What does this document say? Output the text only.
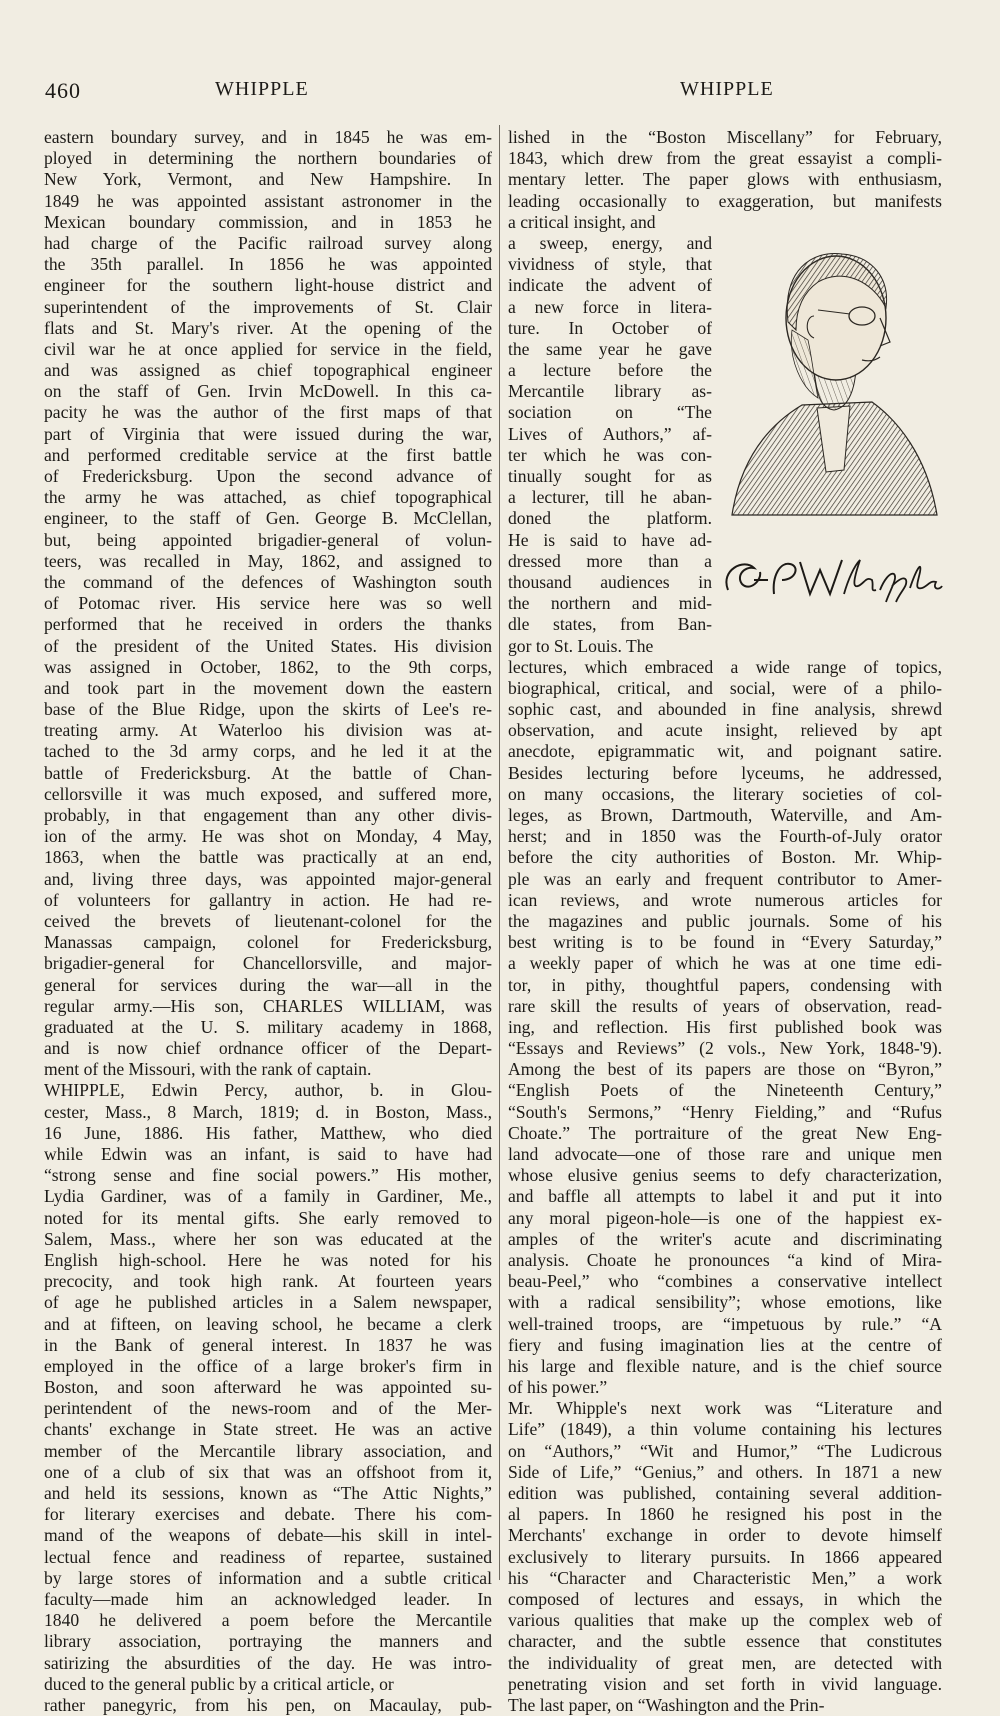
460	WHIPPLE	WHIPPLE
eastern boundary survey, and in 1845 he was em-
ployed in determining the northern boundaries of
New York, Vermont, and New Hampshire. In
1849 he was appointed assistant astronomer in the
Mexican boundary commission, and in 1853 he
had charge of the Pacific railroad survey along
the 35th parallel. In 1856 he was appointed
engineer for the southern light-house district and
superintendent of the improvements of St. Clair
flats and St. Mary's river. At the opening of the
civil war he at once applied for service in the field,
and was assigned as chief topographical engineer
on the staff of Gen. Irvin McDowell. In this ca-
pacity he was the author of the first maps of that
part of Virginia that were issued during the war,
and performed creditable service at the first battle
of Fredericksburg. Upon the second advance of
the army he was attached, as chief topographical
engineer, to the staff of Gen. George B. McClellan,
but, being appointed brigadier-general of volun-
teers, was recalled in May, 1862, and assigned to
the command of the defences of Washington south
of Potomac river. His service here was so well
performed that he received in orders the thanks
of the president of the United States. His division
was assigned in October, 1862, to the 9th corps,
and took part in the movement down the eastern
base of the Blue Ridge, upon the skirts of Lee's re-
treating army. At Waterloo his division was at-
tached to the 3d army corps, and he led it at the
battle of Fredericksburg. At the battle of Chan-
cellorsville it was much exposed, and suffered more,
probably, in that engagement than any other divis-
ion of the army. He was shot on Monday, 4 May,
1863, when the battle was practically at an end,
and, living three days, was appointed major-general
of volunteers for gallantry in action. He had re-
ceived the brevets of lieutenant-colonel for the
Manassas campaign, colonel for Fredericksburg,
brigadier-general for Chancellorsville, and major-
general for services during the war—all in the
regular army.—His son, CHARLES WILLIAM, was
graduated at the U. S. military academy in 1868,
and is now chief ordnance officer of the Depart-
ment of the Missouri, with the rank of captain.
WHIPPLE, Edwin Percy, author, b. in Glou-
cester, Mass., 8 March, 1819; d. in Boston, Mass.,
16 June, 1886. His father, Matthew, who died
while Edwin was an infant, is said to have had
“strong sense and fine social powers.” His mother,
Lydia Gardiner, was of a family in Gardiner, Me.,
noted for its mental gifts. She early removed to
Salem, Mass., where her son was educated at the
English high-school. Here he was noted for his
precocity, and took high rank. At fourteen years
of age he published articles in a Salem newspaper,
and at fifteen, on leaving school, he became a clerk
in the Bank of general interest. In 1837 he was
employed in the office of a large broker's firm in
Boston, and soon afterward he was appointed su-
perintendent of the news-room and of the Mer-
chants' exchange in State street. He was an active
member of the Mercantile library association, and
one of a club of six that was an offshoot from it,
and held its sessions, known as “The Attic Nights,”
for literary exercises and debate. There his com-
mand of the weapons of debate—his skill in intel-
lectual fence and readiness of repartee, sustained
by large stores of information and a subtle critical
faculty—made him an acknowledged leader. In
1840 he delivered a poem before the Mercantile
library association, portraying the manners and
satirizing the absurdities of the day. He was intro-
duced to the general public by a critical article, or
rather panegyric, from his pen, on Macaulay, pub-
lished in the “Boston Miscellany” for February,
1843, which drew from the great essayist a compli-
mentary letter. The paper glows with enthusiasm,
leading occasionally to exaggeration, but manifests
a critical insight, and
a sweep, energy, and
vividness of style, that
indicate the advent of
a new force in litera-
ture. In October of
the same year he gave
a lecture before the
Mercantile library as-
sociation on “The
Lives of Authors,” af-
ter which he was con-
tinually sought for as
a lecturer, till he aban-
doned the platform.
He is said to have ad-
dressed more than a
thousand audiences in
the northern and mid-
dle states, from Ban-
gor to St. Louis. The
lectures, which embraced a wide range of topics,
biographical, critical, and social, were of a philo-
sophic cast, and abounded in fine analysis, shrewd
observation, and acute insight, relieved by apt
anecdote, epigrammatic wit, and poignant satire.
Besides lecturing before lyceums, he addressed,
on many occasions, the literary societies of col-
leges, as Brown, Dartmouth, Waterville, and Am-
herst; and in 1850 was the Fourth-of-July orator
before the city authorities of Boston. Mr. Whip-
ple was an early and frequent contributor to Amer-
ican reviews, and wrote numerous articles for
the magazines and public journals. Some of his
best writing is to be found in “Every Saturday,”
a weekly paper of which he was at one time edi-
tor, in pithy, thoughtful papers, condensing with
rare skill the results of years of observation, read-
ing, and reflection. His first published book was
“Essays and Reviews” (2 vols., New York, 1848-'9).
Among the best of its papers are those on “Byron,”
“English Poets of the Nineteenth Century,”
“South's Sermons,” “Henry Fielding,” and “Rufus
Choate.” The portraiture of the great New Eng-
land advocate—one of those rare and unique men
whose elusive genius seems to defy characterization,
and baffle all attempts to label it and put it into
any moral pigeon-hole—is one of the happiest ex-
amples of the writer's acute and discriminating
analysis. Choate he pronounces “a kind of Mira-
beau-Peel,” who “combines a conservative intellect
with a radical sensibility”; whose emotions, like
well-trained troops, are “impetuous by rule.” “A
fiery and fusing imagination lies at the centre of
his large and flexible nature, and is the chief source
of his power.”
Mr. Whipple's next work was “Literature and
Life” (1849), a thin volume containing his lectures
on “Authors,” “Wit and Humor,” “The Ludicrous
Side of Life,” “Genius,” and others. In 1871 a new
edition was published, containing several addition-
al papers. In 1860 he resigned his post in the
Merchants' exchange in order to devote himself
exclusively to literary pursuits. In 1866 appeared
his “Character and Characteristic Men,” a work
composed of lectures and essays, in which the
various qualities that make up the complex web of
character, and the subtle essence that constitutes
the individuality of great men, are detected with
penetrating vision and set forth in vivid language.
The last paper, on “Washington and the Prin-
